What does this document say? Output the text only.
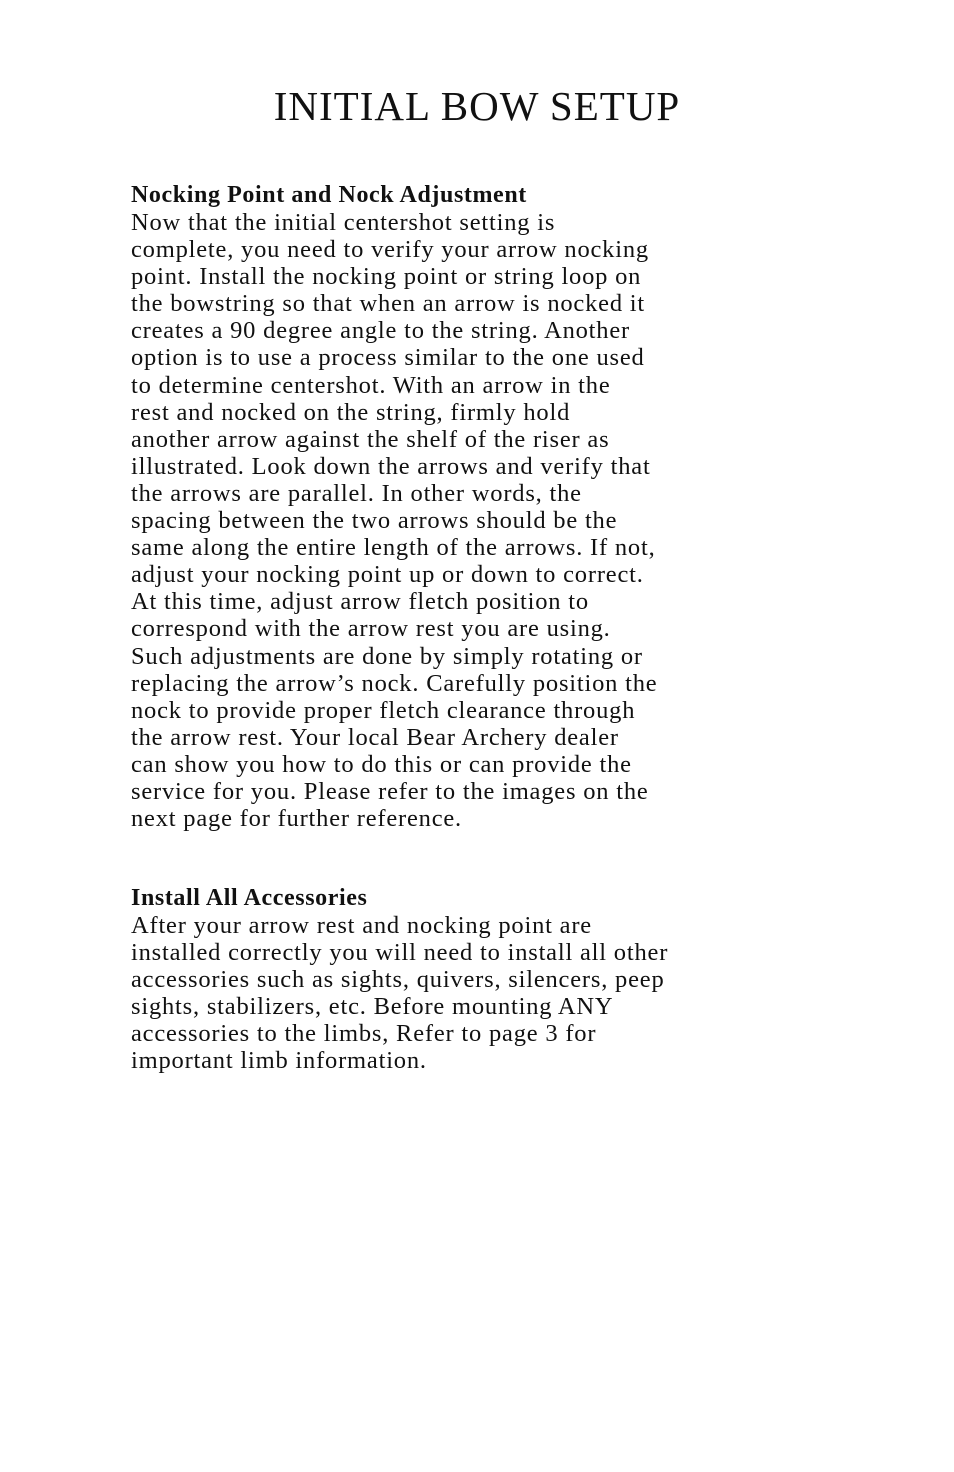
INITIAL BOW SETUP
Nocking Point and Nock Adjustment

Now that the initial centershot setting is
complete, you need to verify your arrow nocking
point. Install the nocking point or string loop on
the bowstring so that when an arrow is nocked it
creates a 90 degree angle to the string. Another
option is to use a process similar to the one used
to determine centershot. With an arrow in the
rest and nocked on the string, firmly hold
another arrow against the shelf of the riser as
illustrated. Look down the arrows and verify that
the arrows are parallel. In other words, the
spacing between the two arrows should be the
same along the entire length of the arrows. If not,
adjust your nocking point up or down to correct.
At this time, adjust arrow fletch position to
correspond with the arrow rest you are using.
Such adjustments are done by simply rotating or
replacing the arrow’s nock. Carefully position the
nock to provide proper fletch clearance through
the arrow rest. Your local Bear Archery dealer
can show you how to do this or can provide the
service for you. Please refer to the images on the
next page for further reference.

Install All Accessories

After your arrow rest and nocking point are
installed correctly you will need to install all other
accessories such as sights, quivers, silencers, peep
sights, stabilizers, etc. Before mounting ANY
accessories to the limbs, Refer to page 3 for
important limb information.
